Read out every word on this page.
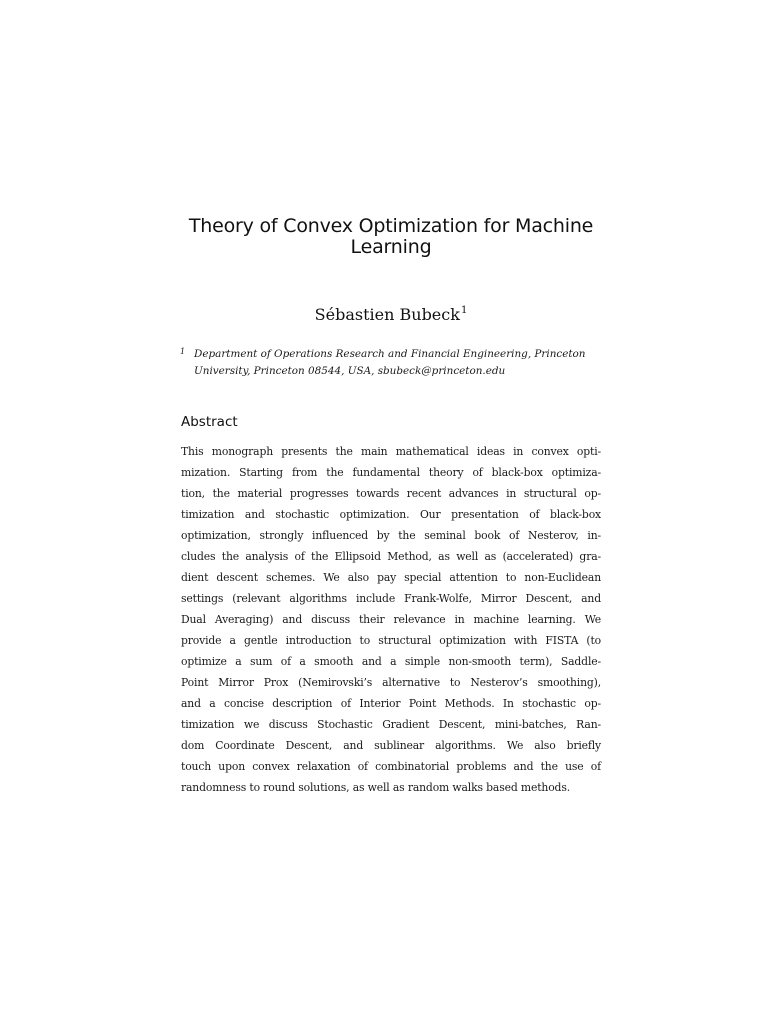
Theory of Convex Optimization for Machine
Learning
Sébastien Bubeck$^1$
1 Department of Operations Research and Financial Engineering, Princeton
University, Princeton 08544, USA, sbubeck@princeton.edu
Abstract
This monograph presents the main mathematical ideas in convex opti-
mization. Starting from the fundamental theory of black-box optimiza-
tion, the material progresses towards recent advances in structural op-
timization and stochastic optimization. Our presentation of black-box
optimization, strongly influenced by the seminal book of Nesterov, in-
cludes the analysis of the Ellipsoid Method, as well as (accelerated) gra-
dient descent schemes. We also pay special attention to non-Euclidean
settings (relevant algorithms include Frank-Wolfe, Mirror Descent, and
Dual Averaging) and discuss their relevance in machine learning. We
provide a gentle introduction to structural optimization with FISTA (to
optimize a sum of a smooth and a simple non-smooth term), Saddle-
Point Mirror Prox (Nemirovski’s alternative to Nesterov’s smoothing),
and a concise description of Interior Point Methods. In stochastic op-
timization we discuss Stochastic Gradient Descent, mini-batches, Ran-
dom Coordinate Descent, and sublinear algorithms. We also briefly
touch upon convex relaxation of combinatorial problems and the use of
randomness to round solutions, as well as random walks based methods.
